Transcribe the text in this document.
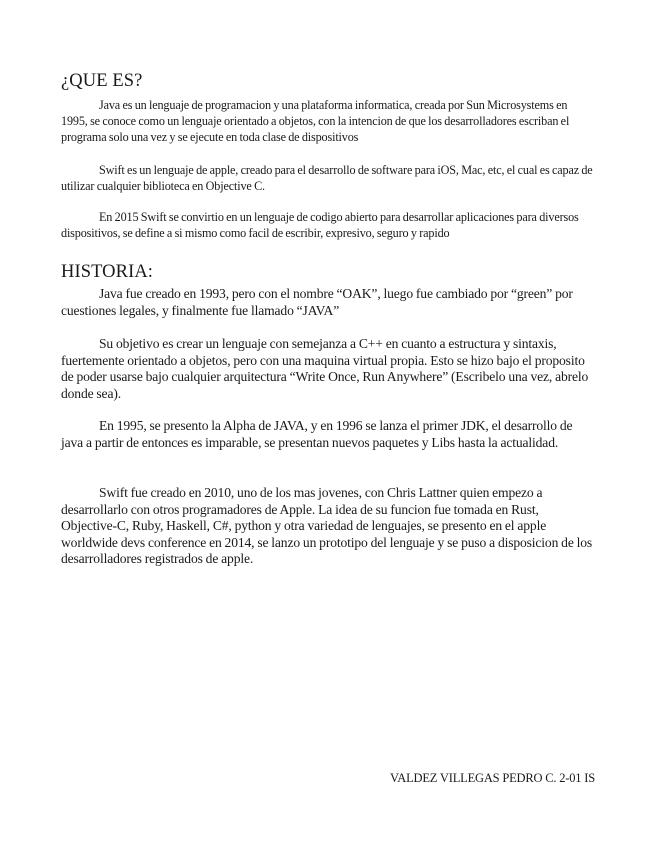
¿QUE ES?

Java es un lenguaje de programacion y una plataforma informatica, creada por Sun Microsystems en 1995, se conoce como un lenguaje orientado a objetos, con la intencion de que los desarrolladores escriban el programa solo una vez y se ejecute en toda clase de dispositivos

Swift es un lenguaje de apple, creado para el desarrollo de software para iOS, Mac, etc, el cual es capaz de utilizar cualquier biblioteca en Objective C.

En 2015 Swift se convirtio en un lenguaje de codigo abierto para desarrollar aplicaciones para diversos dispositivos, se define a si mismo como facil de escribir, expresivo, seguro y rapido

HISTORIA:

Java fue creado en 1993, pero con el nombre “OAK”, luego fue cambiado por “green” por cuestiones legales, y finalmente fue llamado “JAVA”

Su objetivo es crear un lenguaje con semejanza a C++ en cuanto a estructura y sintaxis, fuertemente orientado a objetos, pero con una maquina virtual propia. Esto se hizo bajo el proposito de poder usarse bajo cualquier arquitectura “Write Once, Run Anywhere” (Escribelo una vez, abrelo donde sea).

En 1995, se presento la Alpha de JAVA, y en 1996 se lanza el primer JDK, el desarrollo de java a partir de entonces es imparable, se presentan nuevos paquetes y Libs hasta la actualidad.

Swift fue creado en 2010, uno de los mas jovenes, con Chris Lattner quien empezo a desarrollarlo con otros programadores de Apple. La idea de su funcion fue tomada en Rust, Objective-C, Ruby, Haskell, C#, python y otra variedad de lenguajes, se presento en el apple worldwide devs conference en 2014, se lanzo un prototipo del lenguaje y se puso a disposicion de los desarrolladores registrados de apple.

VALDEZ VILLEGAS PEDRO C. 2-01 IS
